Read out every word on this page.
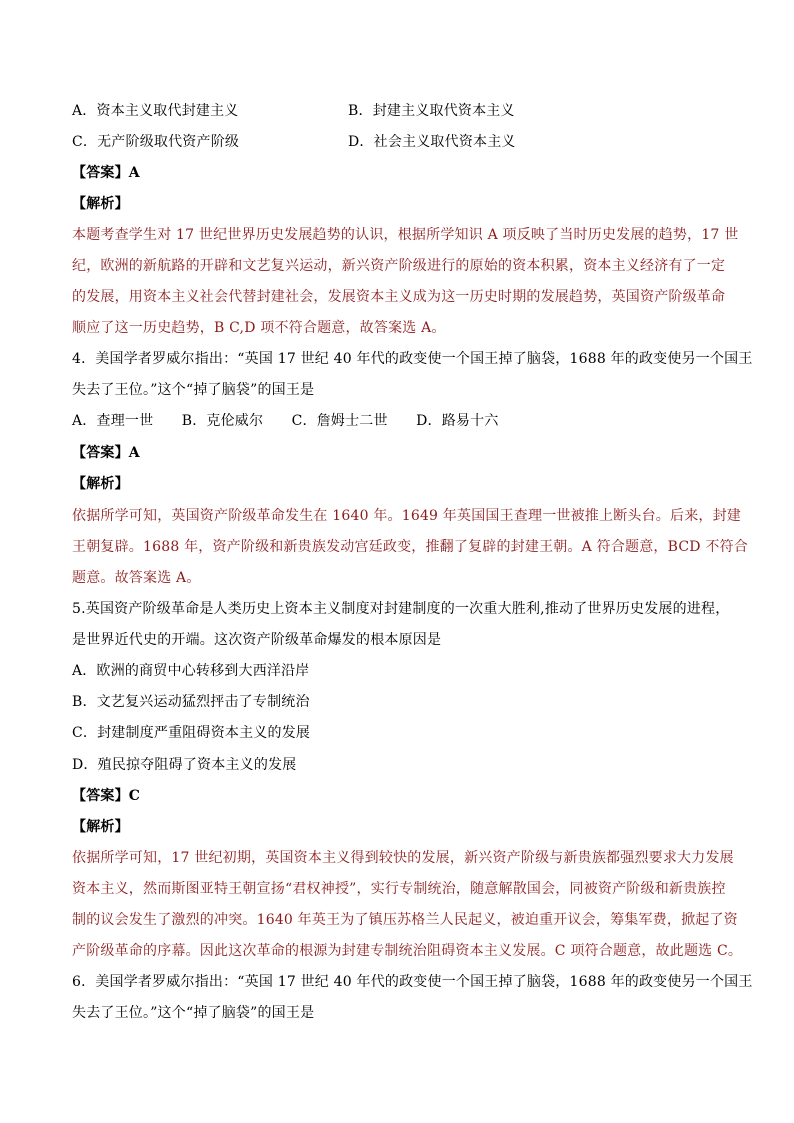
A．资本主义取代封建主义	B．封建主义取代资本主义
C．无产阶级取代资产阶级	D．社会主义取代资本主义
【答案】A
【解析】
本题考查学生对 17 世纪世界历史发展趋势的认识，根据所学知识 A 项反映了当时历史发展的趋势，17 世
纪，欧洲的新航路的开辟和文艺复兴运动，新兴资产阶级进行的原始的资本积累，资本主义经济有了一定
的发展，用资本主义社会代替封建社会，发展资本主义成为这一历史时期的发展趋势，英国资产阶级革命
顺应了这一历史趋势，B C,D 项不符合题意，故答案选 A。
4．美国学者罗威尔指出：“英国 17 世纪 40 年代的政变使一个国王掉了脑袋，1688 年的政变使另一个国王
失去了王位。”这个“掉了脑袋”的国王是
A．查理一世　　B．克伦威尔　　C．詹姆士二世　　D．路易十六
【答案】A
【解析】
依据所学可知，英国资产阶级革命发生在 1640 年。1649 年英国国王查理一世被推上断头台。后来，封建
王朝复辟。1688 年，资产阶级和新贵族发动宫廷政变，推翻了复辟的封建王朝。A 符合题意，BCD 不符合
题意。故答案选 A。
5.英国资产阶级革命是人类历史上资本主义制度对封建制度的一次重大胜利,推动了世界历史发展的进程，
是世界近代史的开端。这次资产阶级革命爆发的根本原因是
A．欧洲的商贸中心转移到大西洋沿岸
B．文艺复兴运动猛烈抨击了专制统治
C．封建制度严重阻碍资本主义的发展
D．殖民掠夺阻碍了资本主义的发展
【答案】C
【解析】
依据所学可知，17 世纪初期，英国资本主义得到较快的发展，新兴资产阶级与新贵族都强烈要求大力发展
资本主义，然而斯图亚特王朝宣扬“君权神授”，实行专制统治，随意解散国会，同被资产阶级和新贵族控
制的议会发生了激烈的冲突。1640 年英王为了镇压苏格兰人民起义，被迫重开议会，筹集军费，掀起了资
产阶级革命的序幕。因此这次革命的根源为封建专制统治阻碍资本主义发展。C 项符合题意，故此题选 C。
6．美国学者罗威尔指出：“英国 17 世纪 40 年代的政变使一个国王掉了脑袋，1688 年的政变使另一个国王
失去了王位。”这个“掉了脑袋”的国王是
